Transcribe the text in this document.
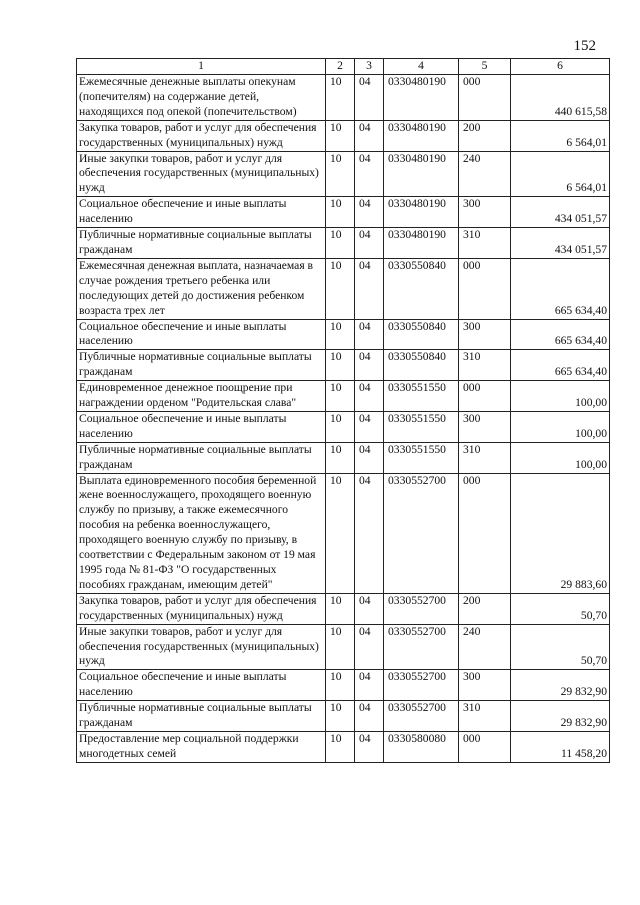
152
1	2	3	4	5	6
Ежемесячные денежные выплаты опекунам (попечителям) на содержание детей, находящихся под опекой (попечительством)	10	04	0330480190	000	440 615,58
Закупка товаров, работ и услуг для обеспечения государственных (муниципальных) нужд	10	04	0330480190	200	6 564,01
Иные закупки товаров, работ и услуг для обеспечения государственных (муниципальных) нужд	10	04	0330480190	240	6 564,01
Социальное обеспечение и иные выплаты населению	10	04	0330480190	300	434 051,57
Публичные нормативные социальные выплаты гражданам	10	04	0330480190	310	434 051,57
Ежемесячная денежная выплата, назначаемая в случае рождения третьего ребенка или последующих детей до достижения ребенком возраста трех лет	10	04	0330550840	000	665 634,40
Социальное обеспечение и иные выплаты населению	10	04	0330550840	300	665 634,40
Публичные нормативные социальные выплаты гражданам	10	04	0330550840	310	665 634,40
Единовременное денежное поощрение при награждении орденом "Родительская слава"	10	04	0330551550	000	100,00
Социальное обеспечение и иные выплаты населению	10	04	0330551550	300	100,00
Публичные нормативные социальные выплаты гражданам	10	04	0330551550	310	100,00
Выплата единовременного пособия беременной жене военнослужащего, проходящего военную службу по призыву, а также ежемесячного пособия на ребенка военнослужащего, проходящего военную службу по призыву, в соответствии с Федеральным законом от 19 мая 1995 года № 81-ФЗ "О государственных пособиях гражданам, имеющим детей"	10	04	0330552700	000	29 883,60
Закупка товаров, работ и услуг для обеспечения государственных (муниципальных) нужд	10	04	0330552700	200	50,70
Иные закупки товаров, работ и услуг для обеспечения государственных (муниципальных) нужд	10	04	0330552700	240	50,70
Социальное обеспечение и иные выплаты населению	10	04	0330552700	300	29 832,90
Публичные нормативные социальные выплаты гражданам	10	04	0330552700	310	29 832,90
Предоставление мер социальной поддержки многодетных семей	10	04	0330580080	000	11 458,20
